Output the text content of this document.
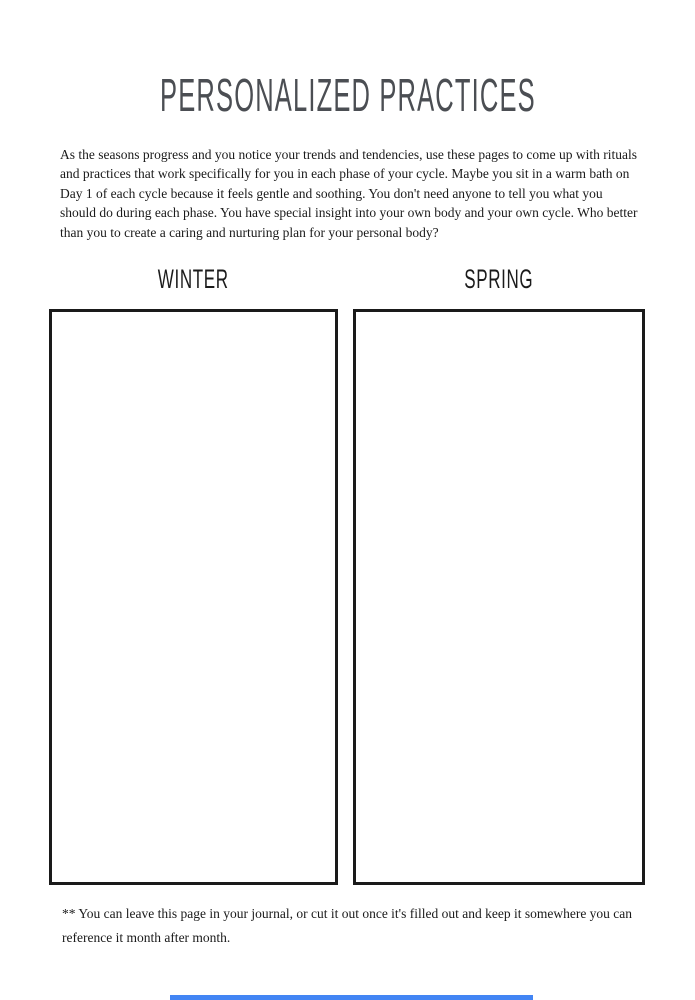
PERSONALIZED PRACTICES

As the seasons progress and you notice your trends and tendencies, use these pages to come up with rituals and practices that work specifically for you in each phase of your cycle. Maybe you sit in a warm bath on Day 1 of each cycle because it feels gentle and soothing. You don't need anyone to tell you what you should do during each phase. You have special insight into your own body and your own cycle. Who better than you to create a caring and nurturing plan for your personal body?

WINTER	SPRING

** You can leave this page in your journal, or cut it out once it's filled out and keep it somewhere you can reference it month after month.
